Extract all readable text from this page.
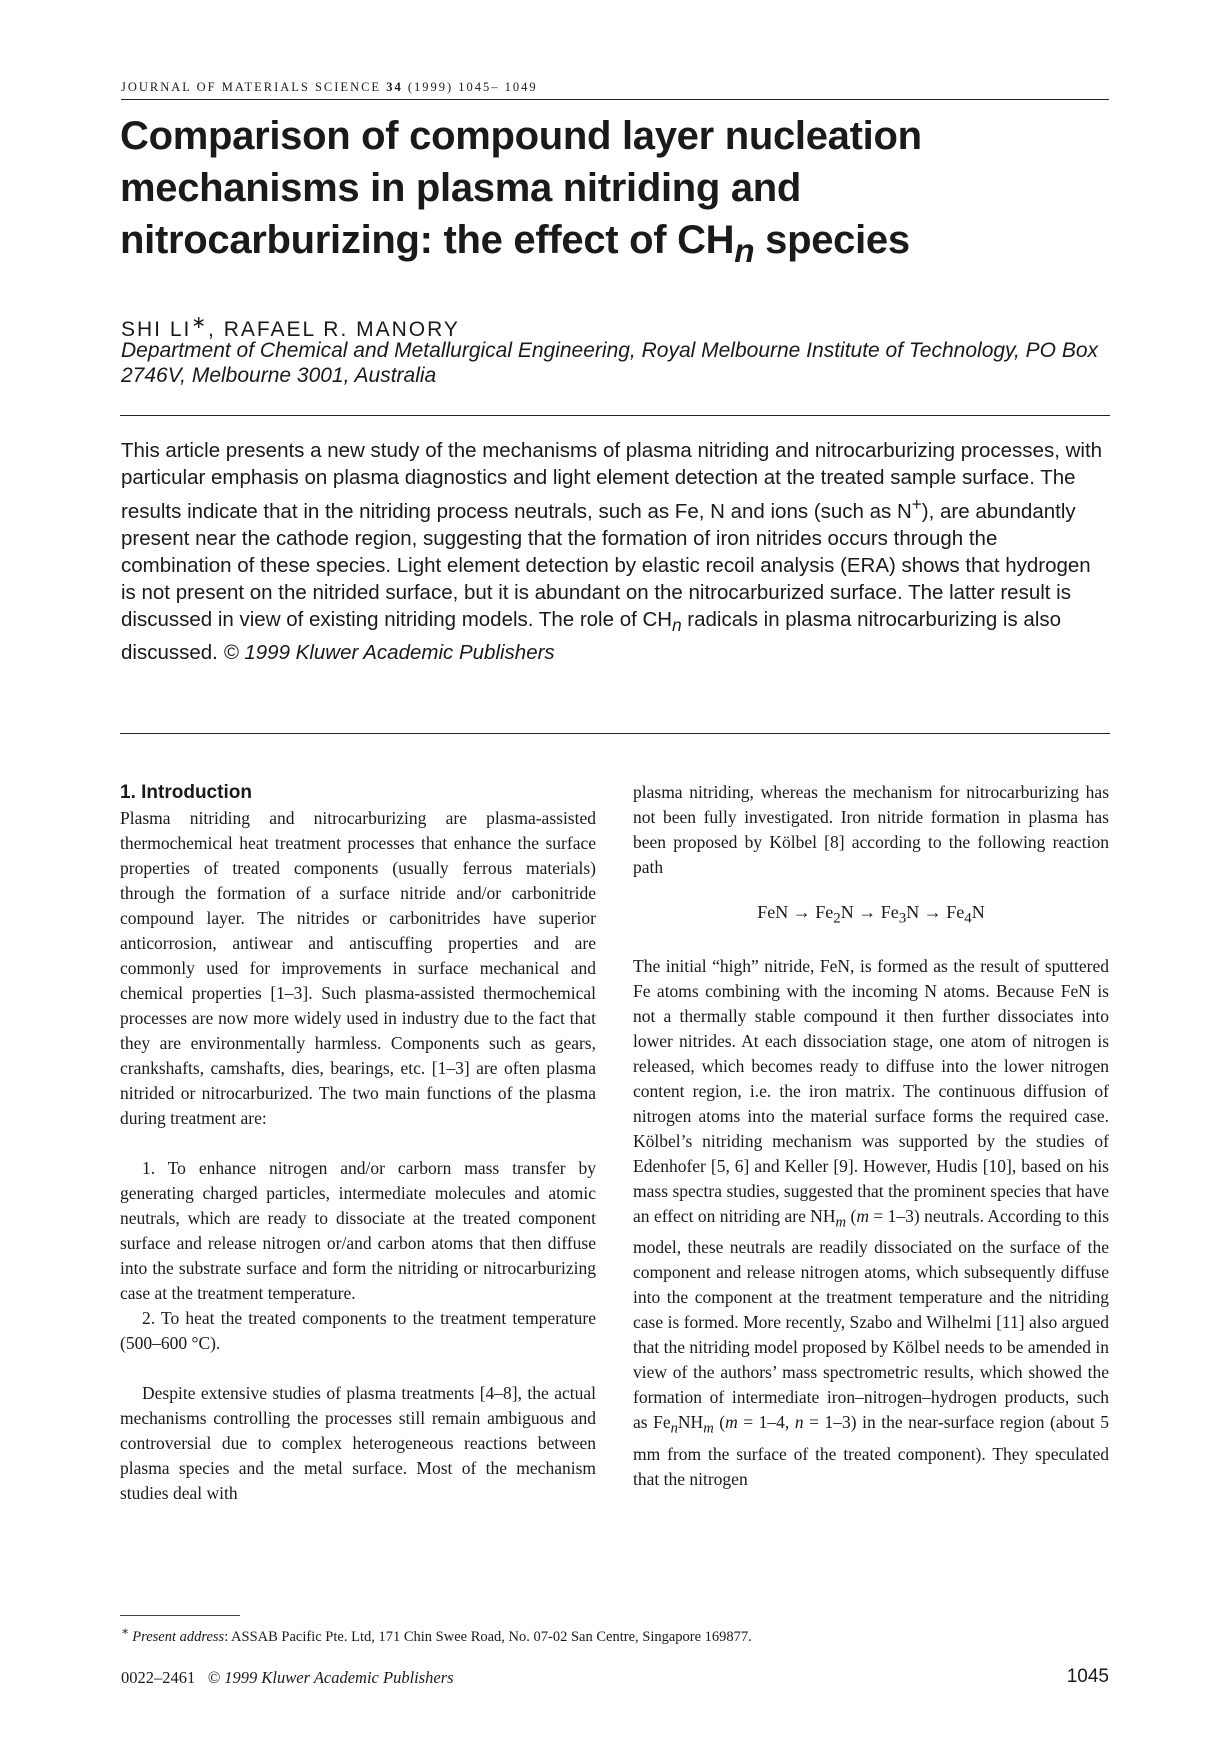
JOURNAL OF MATERIALS SCIENCE 34 (1999) 1045– 1049
Comparison of compound layer nucleation mechanisms in plasma nitriding and nitrocarburizing: the effect of $CH_n$ species
SHI LI∗, RAFAEL R. MANORY
Department of Chemical and Metallurgical Engineering, Royal Melbourne Institute of Technology, PO Box 2746V, Melbourne 3001, Australia

This article presents a new study of the mechanisms of plasma nitriding and nitrocarburizing processes, with particular emphasis on plasma diagnostics and light element detection at the treated sample surface. The results indicate that in the nitriding process neutrals, such as Fe, N and ions (such as N+), are abundantly present near the cathode region, suggesting that the formation of iron nitrides occurs through the combination of these species. Light element detection by elastic recoil analysis (ERA) shows that hydrogen is not present on the nitrided surface, but it is abundant on the nitrocarburized surface. The latter result is discussed in view of existing nitriding models. The role of $CH_n$ radicals in plasma nitrocarburizing is also discussed. © 1999 Kluwer Academic Publishers

1. Introduction

Plasma nitriding and nitrocarburizing are plasma-assisted thermochemical heat treatment processes that enhance the surface properties of treated components (usually ferrous materials) through the formation of a surface nitride and/or carbonitride compound layer. The nitrides or carbonitrides have superior anticorrosion, antiwear and antiscuffing properties and are commonly used for improvements in surface mechanical and chemical properties [1–3]. Such plasma-assisted thermochemical processes are now more widely used in industry due to the fact that they are environmentally harmless. Components such as gears, crankshafts, camshafts, dies, bearings, etc. [1–3] are often plasma nitrided or nitrocarburized. The two main functions of the plasma during treatment are:

1. To enhance nitrogen and/or carborn mass transfer by generating charged particles, intermediate molecules and atomic neutrals, which are ready to dissociate at the treated component surface and release nitrogen or/and carbon atoms that then diffuse into the substrate surface and form the nitriding or nitrocarburizing case at the treatment temperature.

2. To heat the treated components to the treatment temperature (500–600 °C).

Despite extensive studies of plasma treatments [4–8], the actual mechanisms controlling the processes still remain ambiguous and controversial due to complex heterogeneous reactions between plasma species and the metal surface. Most of the mechanism studies deal with

plasma nitriding, whereas the mechanism for nitrocarburizing has not been fully investigated. Iron nitride formation in plasma has been proposed by Kölbel [8] according to the following reaction path

FeN → $Fe_2N \to Fe_3N \to Fe_4N$

The initial “high” nitride, FeN, is formed as the result of sputtered Fe atoms combining with the incoming N atoms. Because FeN is not a thermally stable compound it then further dissociates into lower nitrides. At each dissociation stage, one atom of nitrogen is released, which becomes ready to diffuse into the lower nitrogen content region, i.e. the iron matrix. The continuous diffusion of nitrogen atoms into the material surface forms the required case. Kölbel’s nitriding mechanism was supported by the studies of Edenhofer [5, 6] and Keller [9]. However, Hudis [10], based on his mass spectra studies, suggested that the prominent species that have an effect on nitriding are $NH_m$ (m = 1–3) neutrals. According to this model, these neutrals are readily dissociated on the surface of the component and release nitrogen atoms, which subsequently diffuse into the component at the treatment temperature and the nitriding case is formed. More recently, Szabo and Wilhelmi [11] also argued that the nitriding model proposed by Kölbel needs to be amended in view of the authors’ mass spectrometric results, which showed the formation of intermediate iron–nitrogen–hydrogen products, such as $Fe_nNH_m$ (m = 1–4, n = 1–3) in the near-surface region (about 5 mm from the surface of the treated component). They speculated that the nitrogen

∗ Present address: ASSAB Pacific Pte. Ltd, 171 Chin Swee Road, No. 07-02 San Centre, Singapore 169877.
0022–2461   © 1999 Kluwer Academic Publishers	1045
